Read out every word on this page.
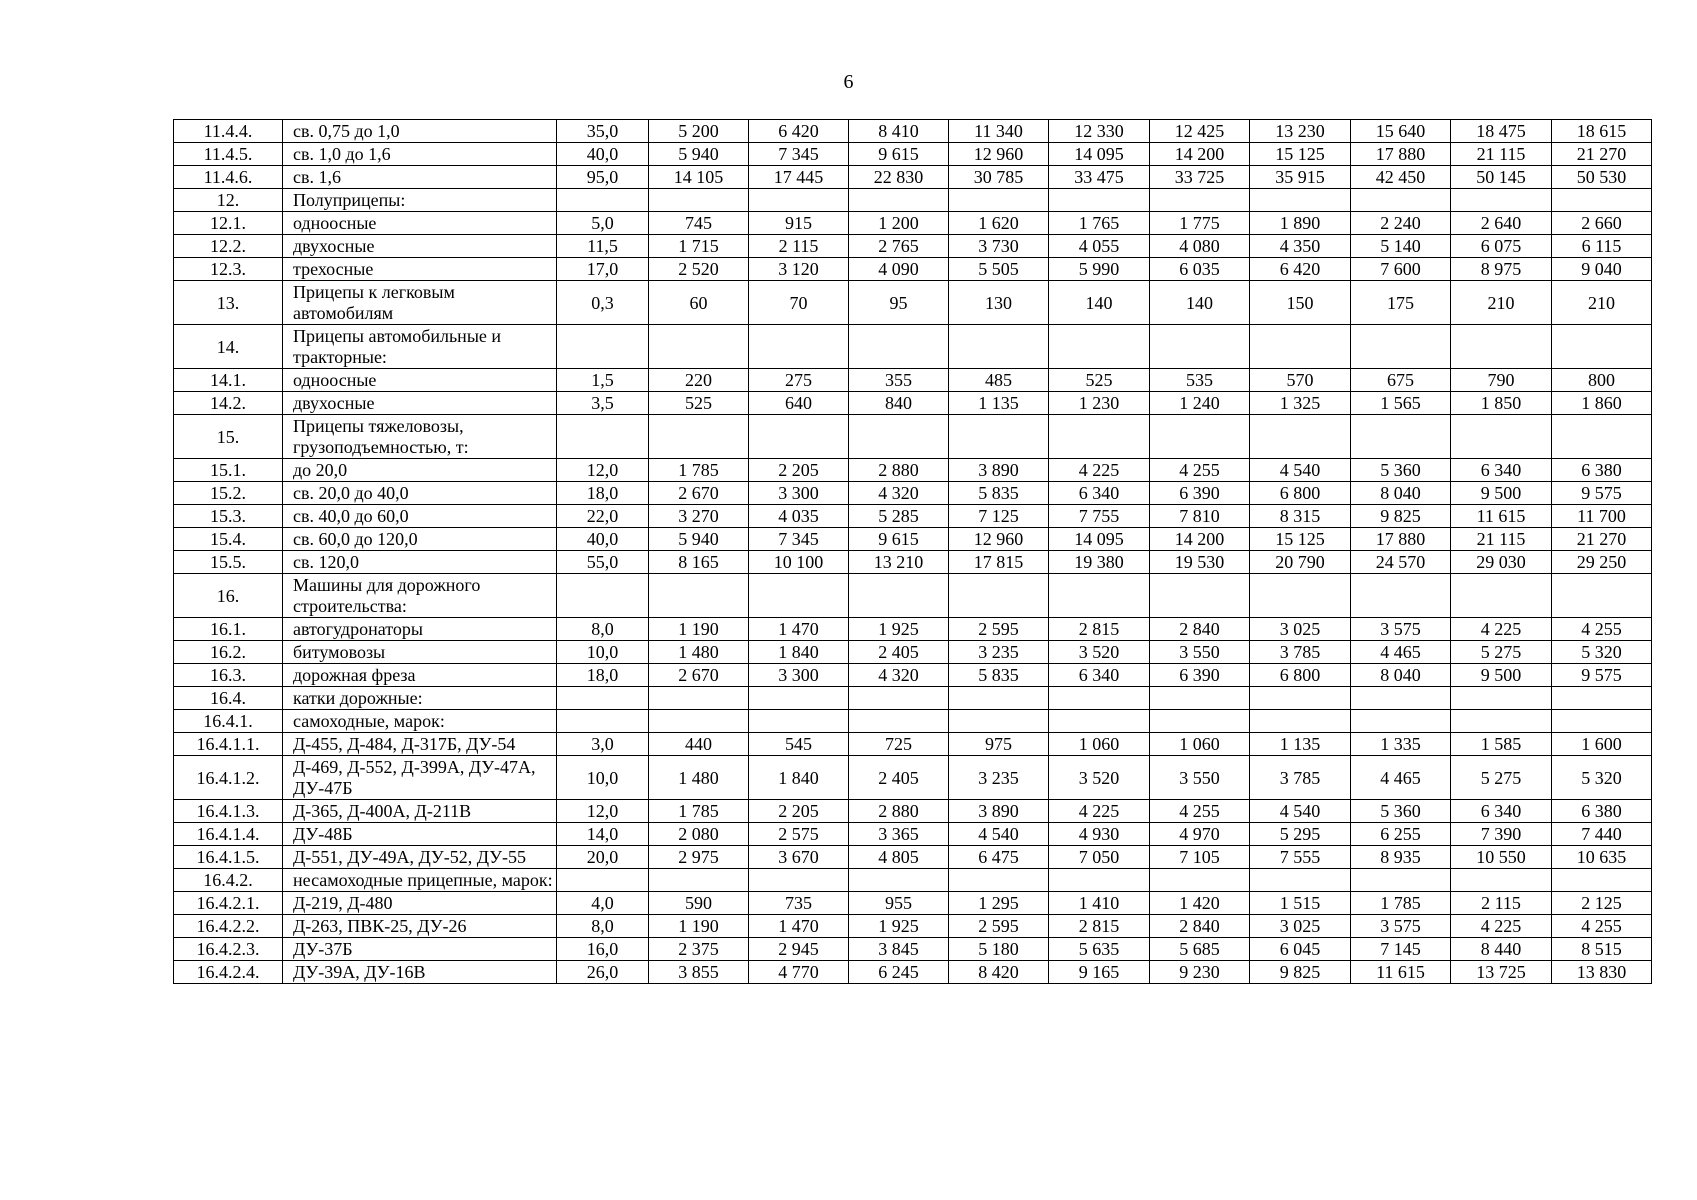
6
11.4.4.	св. 0,75 до 1,0	35,0	5 200	6 420	8 410	11 340	12 330	12 425	13 230	15 640	18 475	18 615
11.4.5.	св. 1,0 до 1,6	40,0	5 940	7 345	9 615	12 960	14 095	14 200	15 125	17 880	21 115	21 270
11.4.6.	св. 1,6	95,0	14 105	17 445	22 830	30 785	33 475	33 725	35 915	42 450	50 145	50 530
12.	Полуприцепы:											
12.1.	одноосные	5,0	745	915	1 200	1 620	1 765	1 775	1 890	2 240	2 640	2 660
12.2.	двухосные	11,5	1 715	2 115	2 765	3 730	4 055	4 080	4 350	5 140	6 075	6 115
12.3.	трехосные	17,0	2 520	3 120	4 090	5 505	5 990	6 035	6 420	7 600	8 975	9 040
13.	Прицепы к легковым автомобилям	0,3	60	70	95	130	140	140	150	175	210	210
14.	Прицепы автомобильные и тракторные:											
14.1.	одноосные	1,5	220	275	355	485	525	535	570	675	790	800
14.2.	двухосные	3,5	525	640	840	1 135	1 230	1 240	1 325	1 565	1 850	1 860
15.	Прицепы тяжеловозы, грузоподъемностью, т:											
15.1.	до 20,0	12,0	1 785	2 205	2 880	3 890	4 225	4 255	4 540	5 360	6 340	6 380
15.2.	св. 20,0 до 40,0	18,0	2 670	3 300	4 320	5 835	6 340	6 390	6 800	8 040	9 500	9 575
15.3.	св. 40,0 до 60,0	22,0	3 270	4 035	5 285	7 125	7 755	7 810	8 315	9 825	11 615	11 700
15.4.	св. 60,0 до 120,0	40,0	5 940	7 345	9 615	12 960	14 095	14 200	15 125	17 880	21 115	21 270
15.5.	св. 120,0	55,0	8 165	10 100	13 210	17 815	19 380	19 530	20 790	24 570	29 030	29 250
16.	Машины для дорожного строительства:											
16.1.	автогудронаторы	8,0	1 190	1 470	1 925	2 595	2 815	2 840	3 025	3 575	4 225	4 255
16.2.	битумовозы	10,0	1 480	1 840	2 405	3 235	3 520	3 550	3 785	4 465	5 275	5 320
16.3.	дорожная фреза	18,0	2 670	3 300	4 320	5 835	6 340	6 390	6 800	8 040	9 500	9 575
16.4.	катки дорожные:											
16.4.1.	самоходные, марок:											
16.4.1.1.	Д-455, Д-484, Д-317Б, ДУ-54	3,0	440	545	725	975	1 060	1 060	1 135	1 335	1 585	1 600
16.4.1.2.	Д-469, Д-552, Д-399А, ДУ-47А, ДУ-47Б	10,0	1 480	1 840	2 405	3 235	3 520	3 550	3 785	4 465	5 275	5 320
16.4.1.3.	Д-365, Д-400А, Д-211В	12,0	1 785	2 205	2 880	3 890	4 225	4 255	4 540	5 360	6 340	6 380
16.4.1.4.	ДУ-48Б	14,0	2 080	2 575	3 365	4 540	4 930	4 970	5 295	6 255	7 390	7 440
16.4.1.5.	Д-551, ДУ-49А, ДУ-52, ДУ-55	20,0	2 975	3 670	4 805	6 475	7 050	7 105	7 555	8 935	10 550	10 635
16.4.2.	несамоходные прицепные, марок:											
16.4.2.1.	Д-219, Д-480	4,0	590	735	955	1 295	1 410	1 420	1 515	1 785	2 115	2 125
16.4.2.2.	Д-263, ПВК-25, ДУ-26	8,0	1 190	1 470	1 925	2 595	2 815	2 840	3 025	3 575	4 225	4 255
16.4.2.3.	ДУ-37Б	16,0	2 375	2 945	3 845	5 180	5 635	5 685	6 045	7 145	8 440	8 515
16.4.2.4.	ДУ-39А, ДУ-16В	26,0	3 855	4 770	6 245	8 420	9 165	9 230	9 825	11 615	13 725	13 830
